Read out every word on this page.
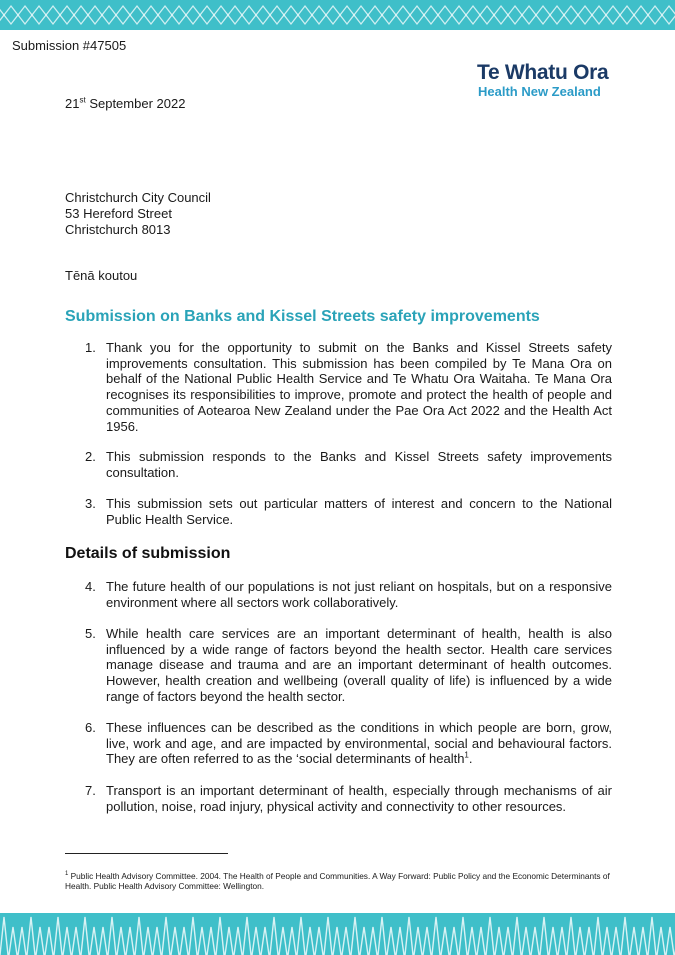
Submission #47505
Te Whatu Ora
Health New Zealand
21st September 2022
Christchurch City Council
53 Hereford Street
Christchurch 8013
Tēnā koutou
Submission on Banks and Kissel Streets safety improvements
1. Thank you for the opportunity to submit on the Banks and Kissel Streets safety improvements consultation. This submission has been compiled by Te Mana Ora on behalf of the National Public Health Service and Te Whatu Ora Waitaha. Te Mana Ora recognises its responsibilities to improve, promote and protect the health of people and communities of Aotearoa New Zealand under the Pae Ora Act 2022 and the Health Act 1956.
2. This submission responds to the Banks and Kissel Streets safety improvements consultation.
3. This submission sets out particular matters of interest and concern to the National Public Health Service.
Details of submission
4. The future health of our populations is not just reliant on hospitals, but on a responsive environment where all sectors work collaboratively.
5. While health care services are an important determinant of health, health is also influenced by a wide range of factors beyond the health sector. Health care services manage disease and trauma and are an important determinant of health outcomes. However, health creation and wellbeing (overall quality of life) is influenced by a wide range of factors beyond the health sector.
6. These influences can be described as the conditions in which people are born, grow, live, work and age, and are impacted by environmental, social and behavioural factors. They are often referred to as the ‘social determinants of health$^1$.
7. Transport is an important determinant of health, especially through mechanisms of air pollution, noise, road injury, physical activity and connectivity to other resources.
$^1$ Public Health Advisory Committee. 2004. The Health of People and Communities. A Way Forward: Public Policy and the Economic Determinants of Health. Public Health Advisory Committee: Wellington.
